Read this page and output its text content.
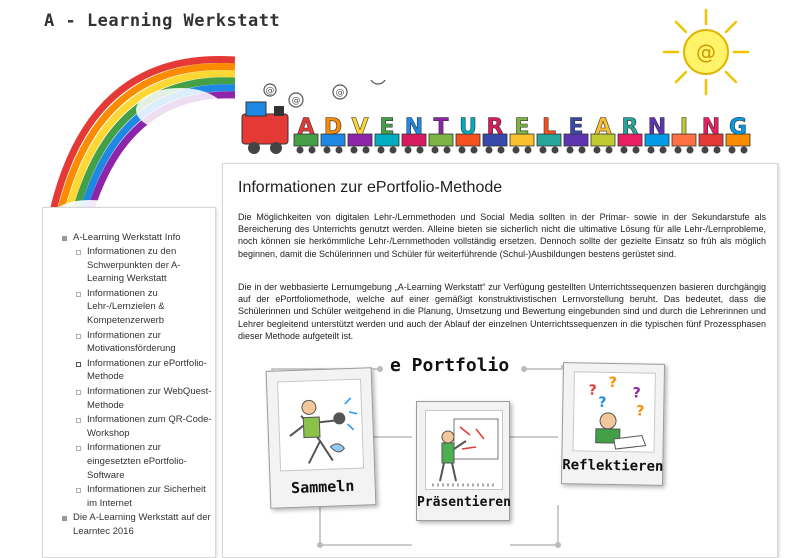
A - Learning Werkstatt
@
@
@
@
A D V E N T U R E L E A R N I N G
Informationen zur ePortfolio-Methode

Die Möglichkeiten von digitalen Lehr-/Lernmethoden und Social Media sollten in der Primar- sowie in der Sekundarstufe als Bereicherung des Unterrichts genutzt werden. Alleine bieten sie sicherlich nicht die ultimative Lösung für alle Lehr-/Lernprobleme, noch können sie herkömmliche Lehr-/Lernmethoden vollständig ersetzen. Dennoch sollte der gezielte Einsatz so früh als möglich beginnen, damit die Schülerinnen und Schüler für weiterführende (Schul-)Ausbildungen bestens gerüstet sind.

Die in der webbasierte Lernumgebung „A-Learning Werkstatt“ zur Verfügung gestellten Unterrichtssequenzen basieren durchgängig auf der ePortfoliomethode, welche auf einer gemäßigt konstruktivistischen Lernvorstellung beruht. Das bedeutet, dass die Schülerinnen und Schüler weitgehend in die Planung, Umsetzung und Bewertung eingebunden sind und durch die Lehrerinnen und Lehrer begleitend unterstützt werden und auch der Ablauf der einzelnen Unterrichtssequenzen in die typischen fünf Prozessphasen dieser Methode aufgeteilt ist.

e Portfolio
Sammeln
Präsentieren
? ?
?
?
?
Reflektieren
A-Learning Werkstatt Info
Informationen zu den Schwerpunkten der A-Learning Werkstatt
Informationen zu Lehr-/Lernzielen & Kompetenzerwerb
Informationen zur Motivationsförderung
Informationen zur ePortfolio-Methode
Informationen zur WebQuest-Methode
Informationen zum QR-Code-Workshop
Informationen zur eingesetzten ePortfolio-Software
Informationen zur Sicherheit im Internet
Die A-Learning Werkstatt auf der Learntec 2016
